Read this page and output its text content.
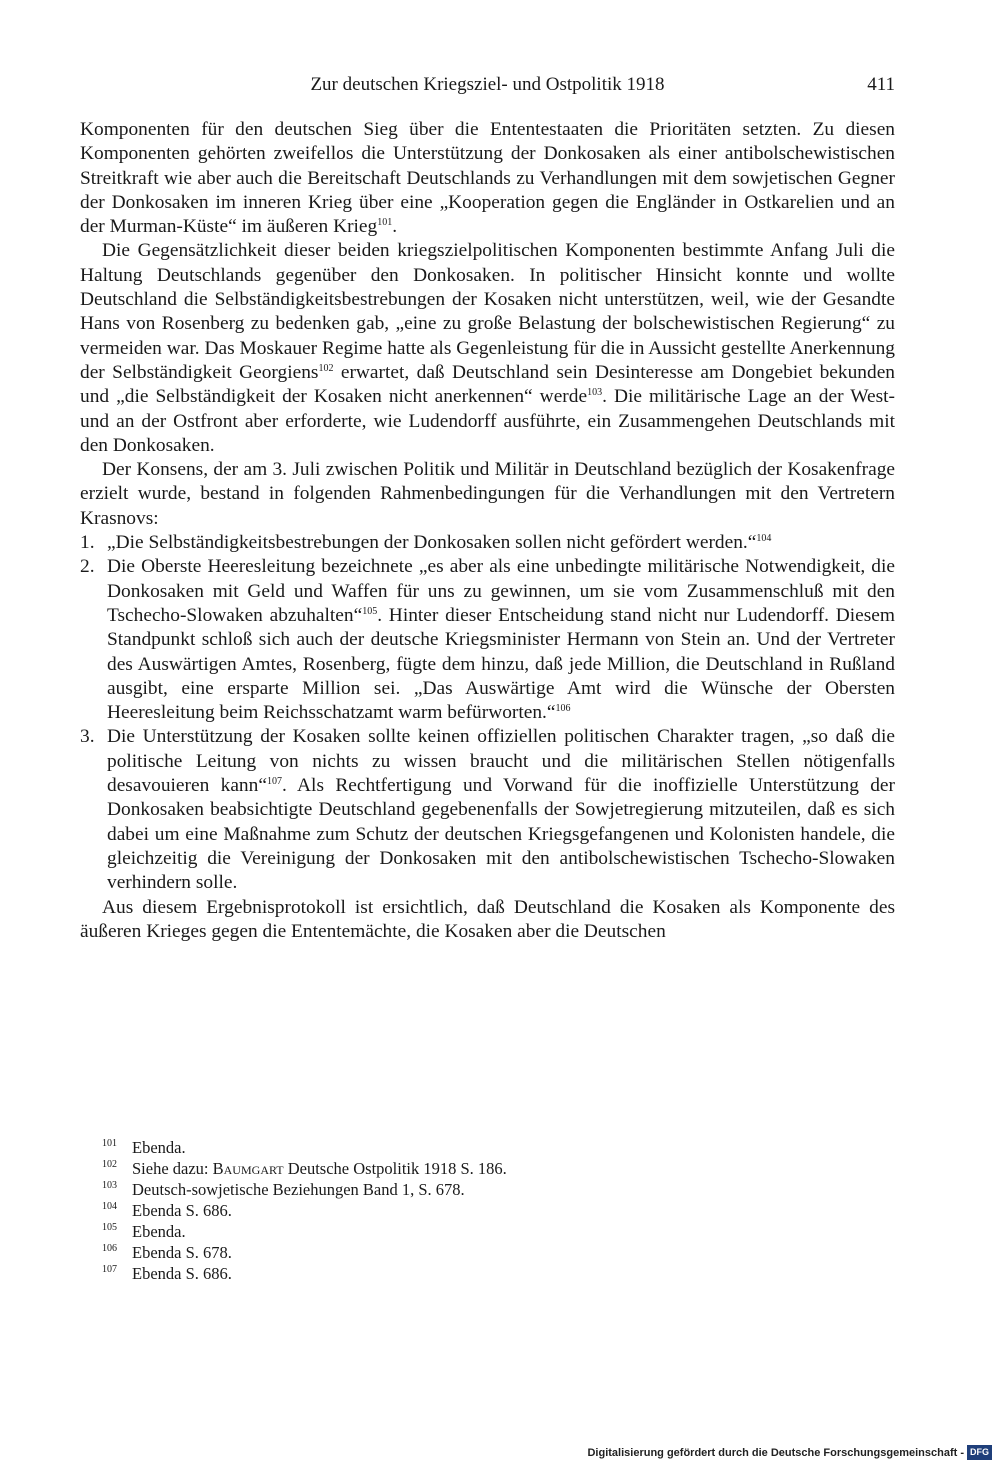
Zur deutschen Kriegsziel- und Ostpolitik 1918	411

Komponenten für den deutschen Sieg über die Ententestaaten die Prioritäten setzten. Zu diesen Komponenten gehörten zweifellos die Unterstützung der Donkosaken als einer antibolschewistischen Streitkraft wie aber auch die Bereitschaft Deutschlands zu Verhandlungen mit dem sowjetischen Gegner der Donkosaken im inneren Krieg über eine „Kooperation gegen die Engländer in Ostkarelien und an der Murman-Küste“ im äußeren Krieg$^{101}$.

Die Gegensätzlichkeit dieser beiden kriegszielpolitischen Komponenten bestimmte Anfang Juli die Haltung Deutschlands gegenüber den Donkosaken. In politischer Hinsicht konnte und wollte Deutschland die Selbständigkeitsbestrebungen der Kosaken nicht unterstützen, weil, wie der Gesandte Hans von Rosenberg zu bedenken gab, „eine zu große Belastung der bolschewistischen Regierung“ zu vermeiden war. Das Moskauer Regime hatte als Gegenleistung für die in Aussicht gestellte Anerkennung der Selbständigkeit Georgiens$^{102}$ erwartet, daß Deutschland sein Desinteresse am Dongebiet bekunden und „die Selbständigkeit der Kosaken nicht anerkennen“ werde$^{103}$. Die militärische Lage an der West- und an der Ostfront aber erforderte, wie Ludendorff ausführte, ein Zusammengehen Deutschlands mit den Donkosaken.

Der Konsens, der am 3. Juli zwischen Politik und Militär in Deutschland bezüglich der Kosakenfrage erzielt wurde, bestand in folgenden Rahmenbedingungen für die Verhandlungen mit den Vertretern Krasnovs:

1. „Die Selbständigkeitsbestrebungen der Donkosaken sollen nicht gefördert werden.“$^{104}$
2. Die Oberste Heeresleitung bezeichnete „es aber als eine unbedingte militärische Notwendigkeit, die Donkosaken mit Geld und Waffen für uns zu gewinnen, um sie vom Zusammenschluß mit den Tschecho-Slowaken abzuhalten“$^{105}$. Hinter dieser Entscheidung stand nicht nur Ludendorff. Diesem Standpunkt schloß sich auch der deutsche Kriegsminister Hermann von Stein an. Und der Vertreter des Auswärtigen Amtes, Rosenberg, fügte dem hinzu, daß jede Million, die Deutschland in Rußland ausgibt, eine ersparte Million sei. „Das Auswärtige Amt wird die Wünsche der Obersten Heeresleitung beim Reichsschatzamt warm befürworten.“$^{106}$
3. Die Unterstützung der Kosaken sollte keinen offiziellen politischen Charakter tragen, „so daß die politische Leitung von nichts zu wissen braucht und die militärischen Stellen nötigenfalls desavouieren kann“$^{107}$. Als Rechtfertigung und Vorwand für die inoffizielle Unterstützung der Donkosaken beabsichtigte Deutschland gegebenenfalls der Sowjetregierung mitzuteilen, daß es sich dabei um eine Maßnahme zum Schutz der deutschen Kriegsgefangenen und Kolonisten handele, die gleichzeitig die Vereinigung der Donkosaken mit den antibolschewistischen Tschecho-Slowaken verhindern solle.

Aus diesem Ergebnisprotokoll ist ersichtlich, daß Deutschland die Kosaken als Komponente des äußeren Krieges gegen die Ententemächte, die Kosaken aber die Deutschen

101 Ebenda.
102 Siehe dazu: Baumgart Deutsche Ostpolitik 1918 S. 186.
103 Deutsch-sowjetische Beziehungen Band 1, S. 678.
104 Ebenda S. 686.
105 Ebenda.
106 Ebenda S. 678.
107 Ebenda S. 686.
Digitalisierung gefördert durch die Deutsche Forschungsgemeinschaft - DFG
